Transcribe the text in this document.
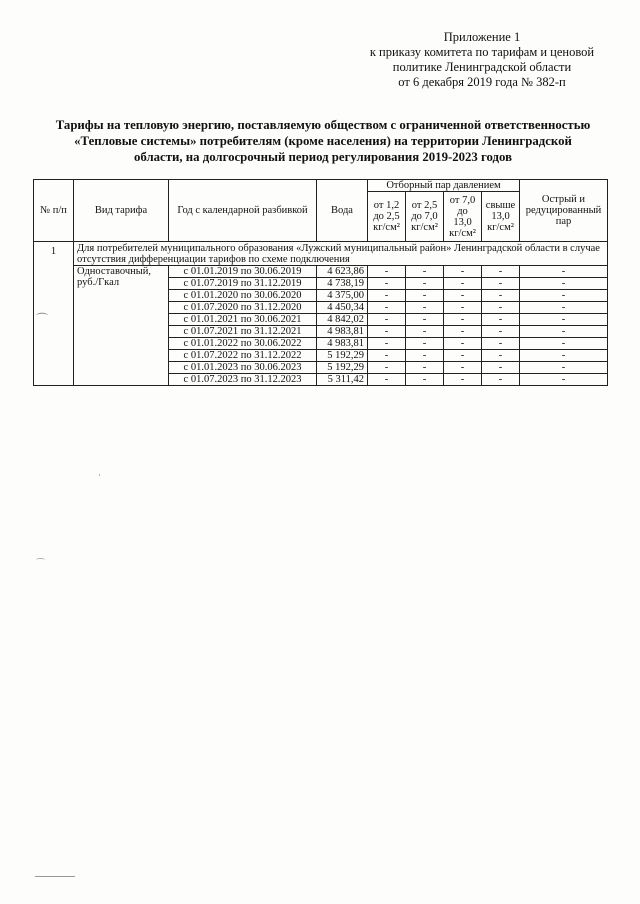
Приложение 1
к приказу комитета по тарифам и ценовой
политике Ленинградской области
от 6 декабря 2019 года № 382-п
Тарифы на тепловую энергию, поставляемую обществом с ограниченной ответственностью
«Тепловые системы» потребителям (кроме населения) на территории Ленинградской
области, на долгосрочный период регулирования 2019-2023 годов
№ п/п	Вид тарифа	Год с календарной разбивкой	Вода	Отборный пар давлением				Острый и редуцированный пар
				от 1,2 до 2,5 кг/см²	от 2,5 до 7,0 кг/см²	от 7,0 до 13,0 кг/см²	свыше 13,0 кг/см²	
1	Для потребителей муниципального образования «Лужский муниципальный район» Ленинградской области в случае отсутствия дифференциации тарифов по схеме подключения							
	Одноставочный, руб./Гкал	с 01.01.2019 по 30.06.2019	4 623,86	-	-	-	-	-
		с 01.07.2019 по 31.12.2019	4 738,19	-	-	-	-	-
		с 01.01.2020 по 30.06.2020	4 375,00	-	-	-	-	-
		с 01.07.2020 по 31.12.2020	4 450,34	-	-	-	-	-
		с 01.01.2021 по 30.06.2021	4 842,02	-	-	-	-	-
		с 01.07.2021 по 31.12.2021	4 983,81	-	-	-	-	-
		с 01.01.2022 по 30.06.2022	4 983,81	-	-	-	-	-
		с 01.07.2022 по 31.12.2022	5 192,29	-	-	-	-	-
		с 01.01.2023 по 30.06.2023	5 192,29	-	-	-	-	-
		с 01.07.2023 по 31.12.2023	5 311,42	-	-	-	-	-
⌒
⌒
·
